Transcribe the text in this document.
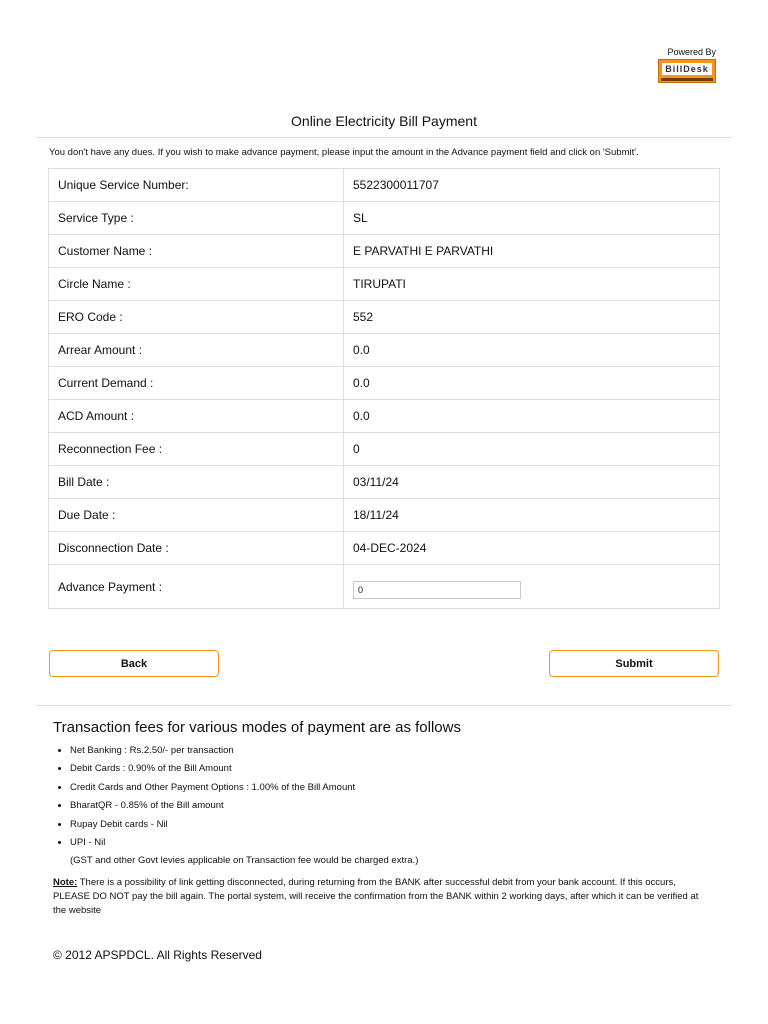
Powered By
BillDesk
Online Electricity Bill Payment
You don't have any dues. If you wish to make advance payment, please input the amount in the Advance payment field and click on 'Submit'.
Unique Service Number:	5522300011707
Service Type :	SL
Customer Name :	E PARVATHI E PARVATHI
Circle Name :	TIRUPATI
ERO Code :	552
Arrear Amount :	0.0
Current Demand :	0.0
ACD Amount :	0.0
Reconnection Fee :	0
Bill Date :	03/11/24
Due Date :	18/11/24
Disconnection Date :	04-DEC-2024
Advance Payment :	0
Back	Submit
Transaction fees for various modes of payment are as follows
• Net Banking : Rs.2.50/- per transaction
• Debit Cards : 0.90% of the Bill Amount
• Credit Cards and Other Payment Options : 1.00% of the Bill Amount
• BharatQR - 0.85% of the Bill amount
• Rupay Debit cards - Nil
• UPI - Nil
(GST and other Govt levies applicable on Transaction fee would be charged extra.)
Note: There is a possibility of link getting disconnected, during returning from the BANK after successful debit from your bank account. If this occurs, PLEASE DO NOT pay the bill again. The portal system, will receive the confirmation from the BANK within 2 working days, after which it can be verified at the website
© 2012 APSPDCL. All Rights Reserved
